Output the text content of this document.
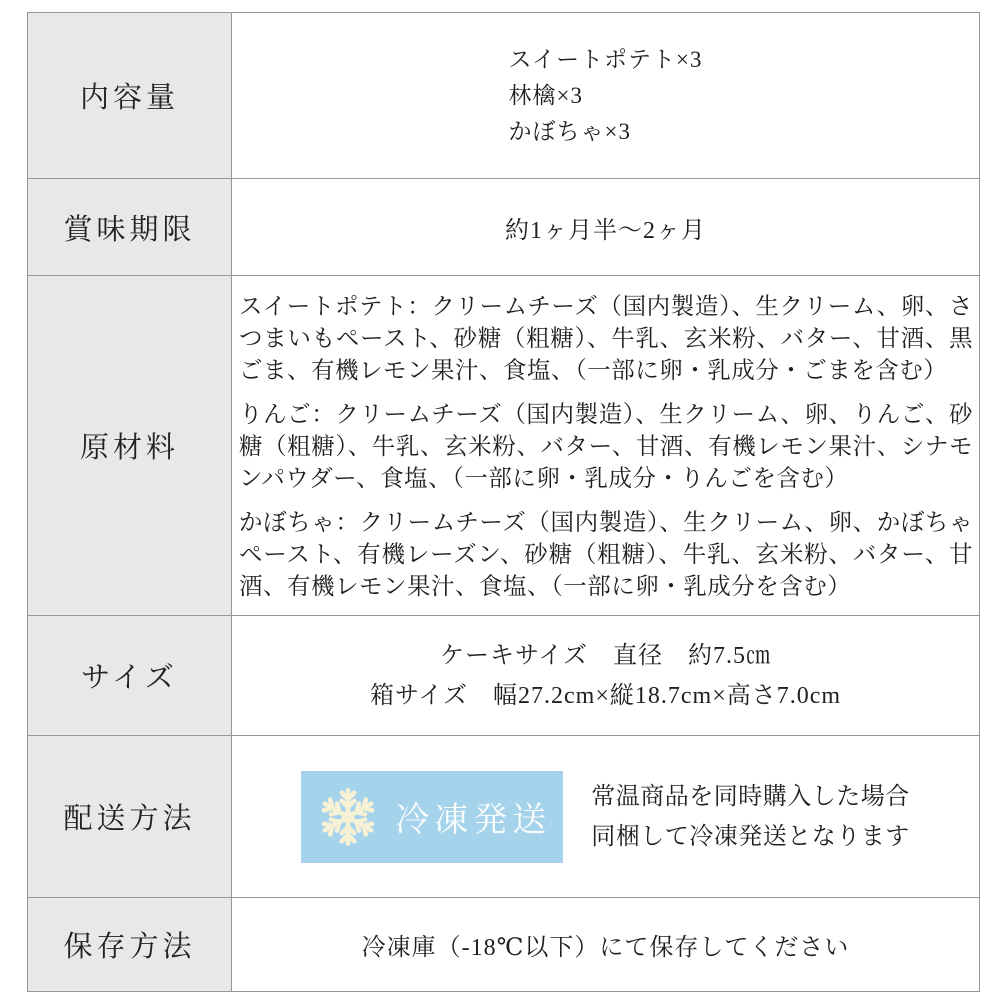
内容量	スイートポテト×3
林檎×3
かぼちゃ×3

賞味期限	約1ヶ月半～2ヶ月
原材料	スイートポテト：クリームチーズ（国内製造）、生クリーム、卵、さつまいもペースト、砂糖（粗糖）、牛乳、玄米粉、バター、甘酒、黒ごま、有機レモン果汁、食塩、（一部に卵・乳成分・ごまを含む）

りんご：クリームチーズ（国内製造）、生クリーム、卵、りんご、砂糖（粗糖）、牛乳、玄米粉、バター、甘酒、有機レモン果汁、シナモンパウダー、食塩、（一部に卵・乳成分・りんごを含む）

かぼちゃ：クリームチーズ（国内製造）、生クリーム、卵、かぼちゃペースト、有機レーズン、砂糖（粗糖）、牛乳、玄米粉、バター、甘酒、有機レモン果汁、食塩、（一部に卵・乳成分を含む）

サイズ	ケーキサイズ　直径　約7.5㎝
箱サイズ　幅27.2cm×縦18.7cm×高さ7.0cm

配送方法	冷凍発送
常温商品を同時購入した場合
同梱して冷凍発送となります

保存方法	冷凍庫（-18℃以下）にて保存してください
